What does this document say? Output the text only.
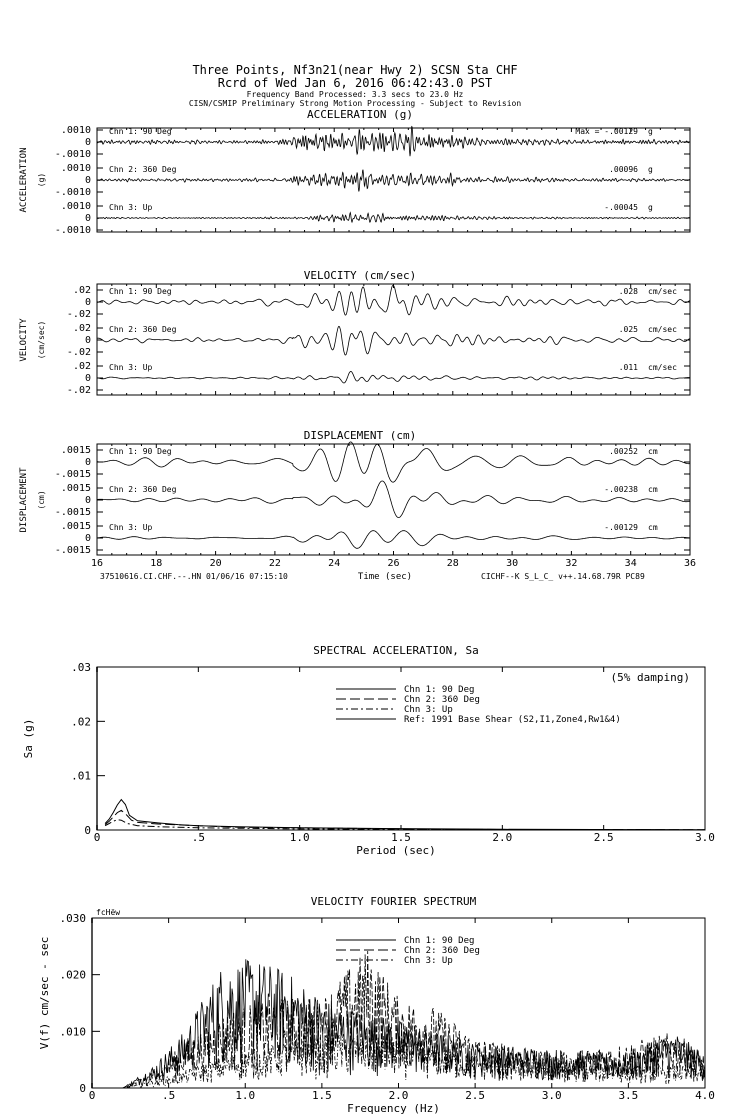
Three Points, Nf3n21(near Hwy 2) SCSN Sta CHF
Rcrd of Wed Jan 6, 2016 06:42:43.0 PST
Frequency Band Processed: 3.3 secs to 23.0 Hz
CISN/CSMIP Preliminary Strong Motion Processing - Subject to Revision
ACCELERATION (g)
ACCELERATION (g)
.0010
0
-.0010
Chn 1: 90 Deg	Max = -.00129 g
.0010
0
-.0010
Chn 2: 360 Deg	.00096 g
.0010
0
-.0010
Chn 3: Up	-.00045 g
VELOCITY (cm/sec)
VELOCITY (cm/sec)
.02
0
-.02
Chn 1: 90 Deg	.028 cm/sec
.02
0
-.02
Chn 2: 360 Deg	.025 cm/sec
.02
0
-.02
Chn 3: Up	.011 cm/sec
DISPLACEMENT (cm)
DISPLACEMENT (cm)
.0015
0
-.0015
Chn 1: 90 Deg	.00252 cm
.0015
0
-.0015
Chn 2: 360 Deg	-.00238 cm
.0015
0
-.0015
Chn 3: Up	-.00129 cm
16	18	20	22	24	26	28	30	32	34	36
Time (sec)
37510616.CI.CHF.--.HN 01/06/16 07:15:10	CICHF--K S_L_C_ v++.14.68.79R PC89
SPECTRAL ACCELERATION, Sa
Period (sec)
Sa (g)
0	.5	1.0	1.5	2.0	2.5	3.0
0
.01
.02
.03
Chn 1: 90 Deg
Chn 2: 360 Deg
Chn 3: Up
Ref: 1991 Base Shear (S2,I1,Zone4,Rw1&4)
(5% damping)
VELOCITY FOURIER SPECTRUM
Frequency (Hz)
V(f) cm/sec - sec
0	.5	1.0	1.5	2.0	2.5	3.0	3.5	4.0
0
.010
.020
.030
Chn 1: 90 Deg
Chn 2: 360 Deg
Chn 3: Up
fcHëw
